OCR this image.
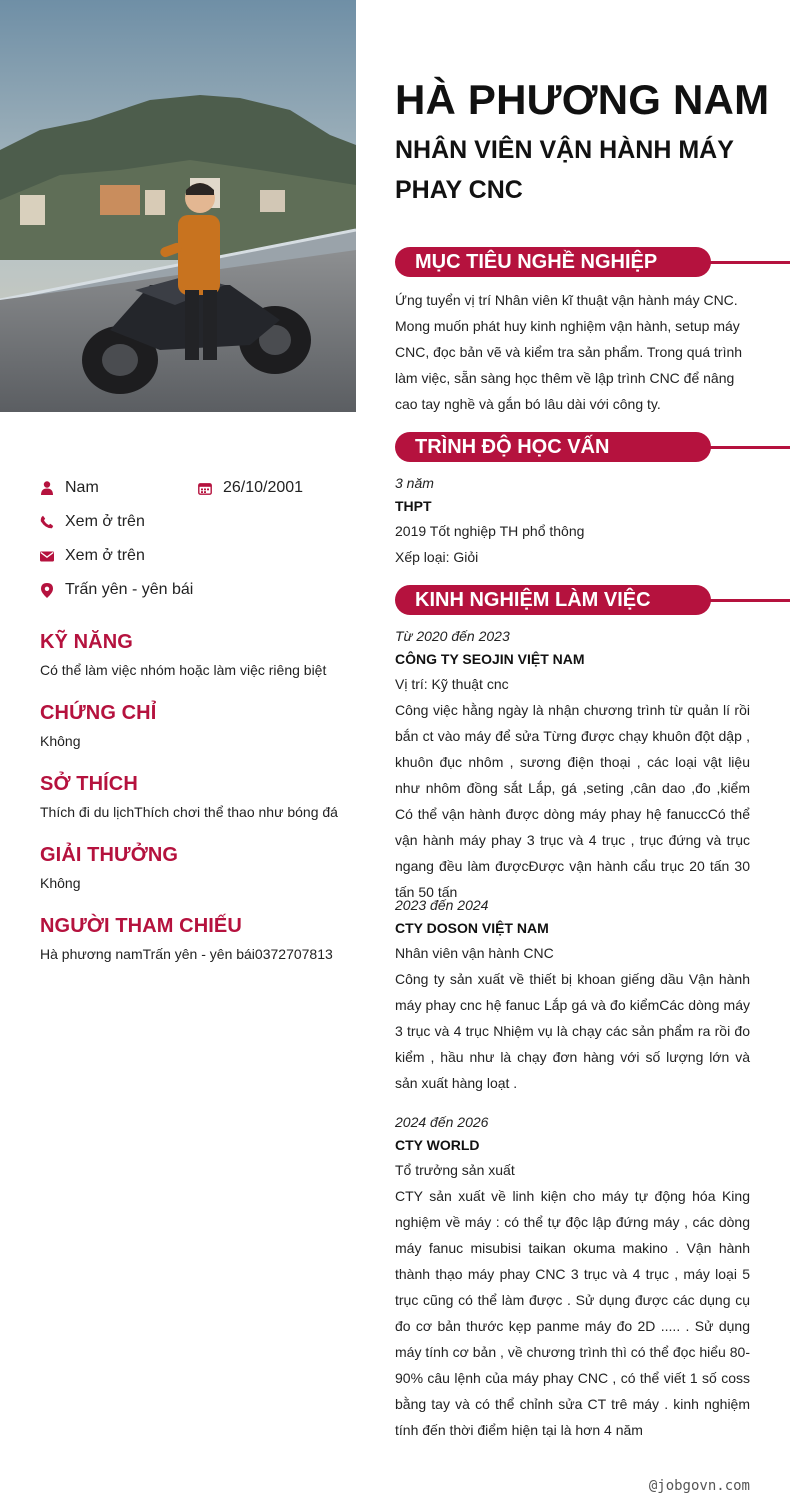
Nam	26/10/2001
Xem ở trên
Xem ở trên
Trấn yên - yên bái
KỸ NĂNG
Có thể làm việc nhóm hoặc làm việc riêng biệt
CHỨNG CHỈ
Không
SỞ THÍCH
Thích đi du lịchThích chơi thể thao như bóng đá
GIẢI THƯỞNG
Không
NGƯỜI THAM CHIẾU
Hà phương namTrấn yên - yên bái0372707813
HÀ PHƯƠNG NAM
NHÂN VIÊN VẬN HÀNH MÁY PHAY CNC
MỤC TIÊU NGHỀ NGHIỆP
Ứng tuyển vị trí Nhân viên kĩ thuật vận hành máy CNC. Mong muốn phát huy kinh nghiệm vận hành, setup máy CNC, đọc bản vẽ và kiểm tra sản phẩm. Trong quá trình làm việc, sẵn sàng học thêm về lập trình CNC để nâng cao tay nghề và gắn bó lâu dài với công ty.
TRÌNH ĐỘ HỌC VẤN
3 năm
THPT
2019 Tốt nghiệp TH phổ thông
Xếp loại: Giỏi
KINH NGHIỆM LÀM VIỆC
Từ 2020 đến 2023
CÔNG TY SEOJIN VIỆT NAM
Vị trí: Kỹ thuật cnc
Công việc hằng ngày là nhận chương trình từ quản lí rồi bắn ct vào máy để sửa Từng được chạy khuôn đột dập , khuôn đục nhôm , sương điện thoại , các loại vật liệu như nhôm đồng sắt Lắp, gá ,seting ,cân dao ,đo ,kiểm Có thể vận hành được dòng máy phay hệ fanuccCó thể vận hành máy phay 3 trục và 4 trục , trục đứng và trục ngang đều làm đượcĐược vận hành cẩu trục 20 tấn 30 tấn 50 tấn
2023 đến 2024
CTY DOSON VIỆT NAM
Nhân viên vận hành CNC
Công ty sản xuất về thiết bị khoan giếng dầu Vận hành máy phay cnc hệ fanuc Lắp gá và đo kiểmCác dòng máy 3 trục và 4 trục Nhiệm vụ là chạy các sản phẩm ra rồi đo kiểm , hầu như là chạy đơn hàng với số lượng lớn và sản xuất hàng loạt .
2024 đến 2026
CTY WORLD
Tổ trưởng sản xuất
CTY sản xuất về linh kiện cho máy tự động hóa King nghiệm về máy : có thể tự độc lập đứng máy , các dòng máy fanuc misubisi taikan okuma makino . Vận hành thành thạo máy phay CNC 3 trục và 4 trục , máy loại 5 trục cũng có thể làm được . Sử dụng được các dụng cụ đo cơ bản thước kẹp panme máy đo 2D ..... . Sử dụng máy tính cơ bản , về chương trình thì có thể đọc hiểu 80-90% câu lệnh của máy phay CNC , có thể viết 1 số coss bằng tay và có thể chỉnh sửa CT trê máy . kinh nghiệm tính đến thời điểm hiện tại là hơn 4 năm
@jobgovn.com
